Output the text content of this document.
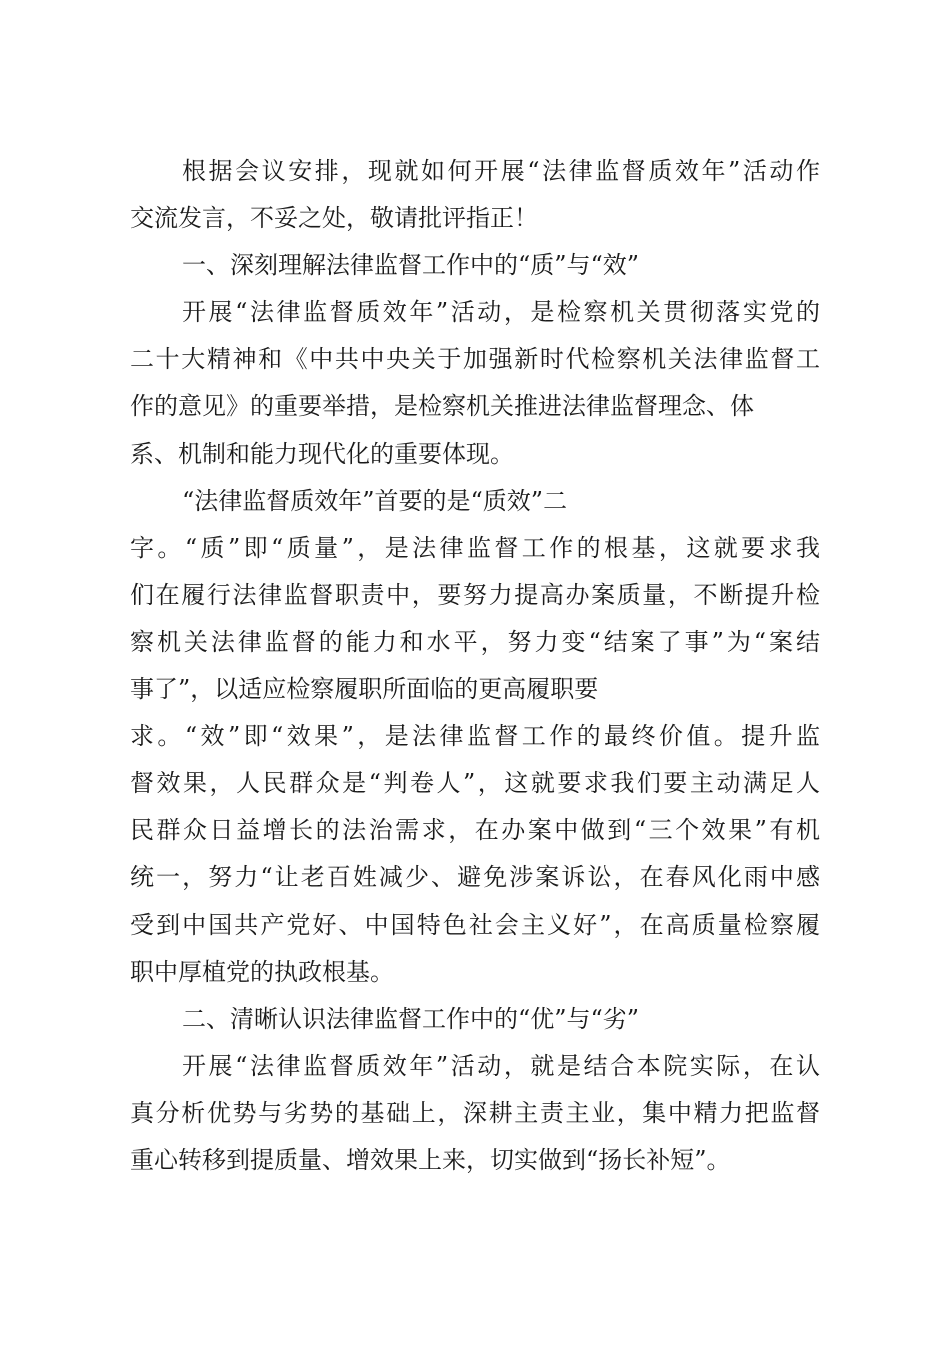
根据会议安排，现就如何开展“法律监督质效年”活动作
交流发言，不妥之处，敬请批评指正！
一、深刻理解法律监督工作中的“质”与“效”
开展“法律监督质效年”活动，是检察机关贯彻落实党的
二十大精神和《中共中央关于加强新时代检察机关法律监督工
作的意见》的重要举措，是检察机关推进法律监督理念、体
系、机制和能力现代化的重要体现。
“法律监督质效年”首要的是“质效”二
字。“质”即“质量”，是法律监督工作的根基，这就要求我
们在履行法律监督职责中，要努力提高办案质量，不断提升检
察机关法律监督的能力和水平，努力变“结案了事”为“案结
事了”，以适应检察履职所面临的更高履职要
求。“效”即“效果”，是法律监督工作的最终价值。提升监
督效果，人民群众是“判卷人”，这就要求我们要主动满足人
民群众日益增长的法治需求，在办案中做到“三个效果”有机
统一，努力“让老百姓减少、避免涉案诉讼，在春风化雨中感
受到中国共产党好、中国特色社会主义好”，在高质量检察履
职中厚植党的执政根基。
二、清晰认识法律监督工作中的“优”与“劣”
开展“法律监督质效年”活动，就是结合本院实际，在认
真分析优势与劣势的基础上，深耕主责主业，集中精力把监督
重心转移到提质量、增效果上来，切实做到“扬长补短”。
